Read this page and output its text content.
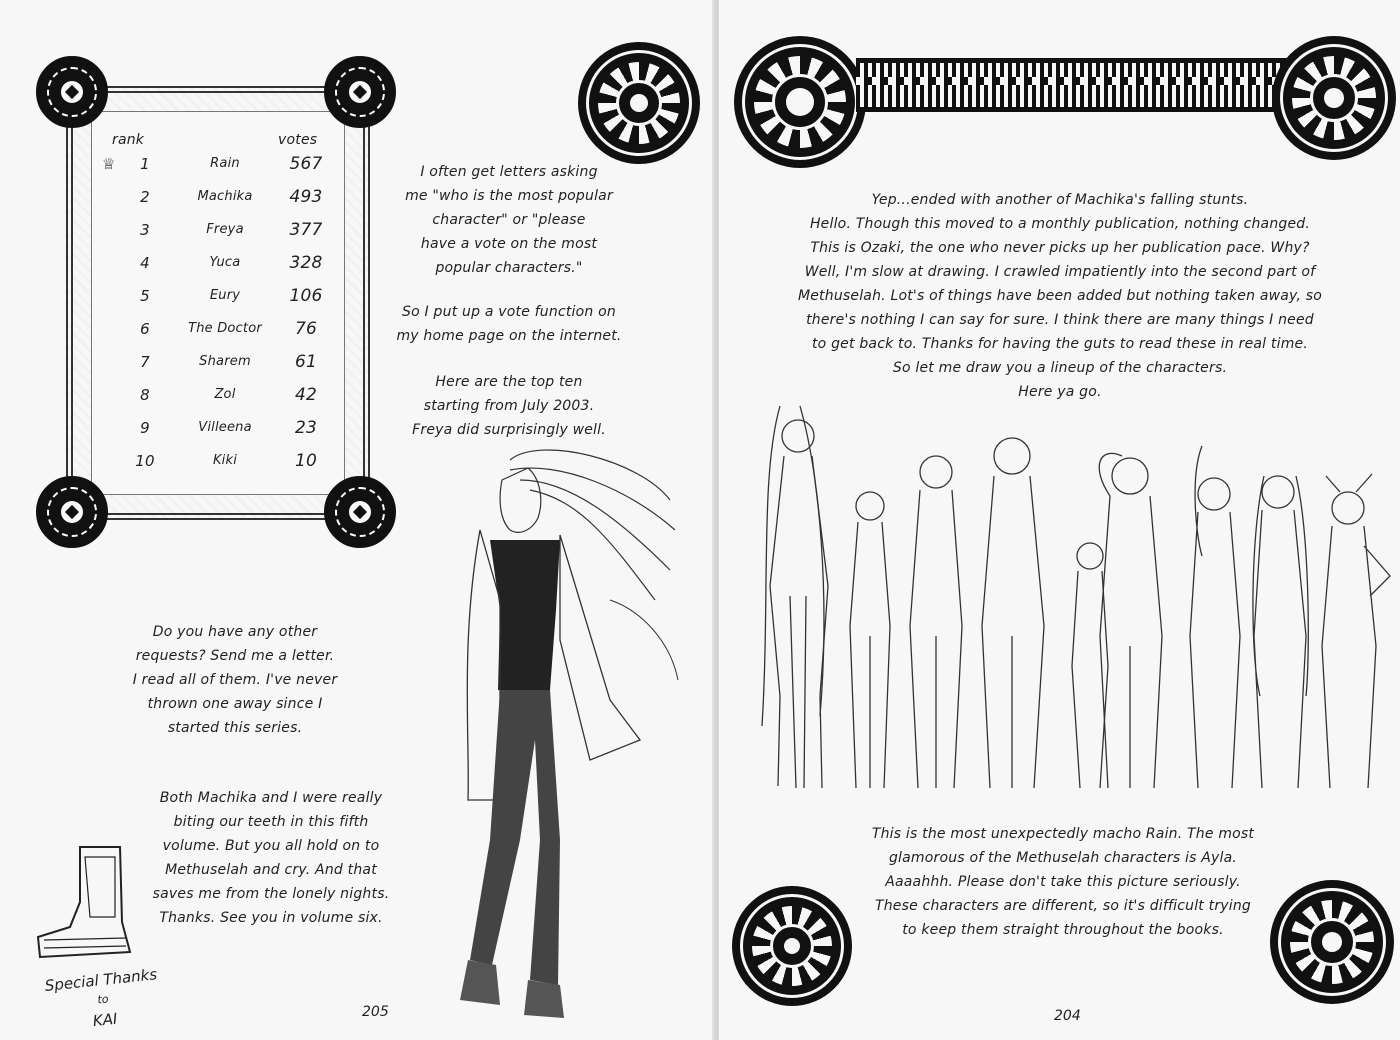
rank	votes
♕	1	Rain	567
2	Machika	493
3	Freya	377
4	Yuca	328
5	Eury	106
6	The Doctor	76
7	Sharem	61
8	Zol	42
9	Villeena	23
10	Kiki	10
I often get letters asking
me "who is the most popular
character" or "please
have a vote on the most
popular characters."
So I put up a vote function on
my home page on the internet.
Here are the top ten
starting from July 2003.
Freya did surprisingly well.
Do you have any other
requests? Send me a letter.
I read all of them. I've never
thrown one away since I
started this series.
Both Machika and I were really
biting our teeth in this fifth
volume. But you all hold on to
Methuselah and cry. And that
saves me from the lonely nights.
Thanks. See you in volume six.
Special Thanks
to
KAI	205
Yep...ended with another of Machika's falling stunts.
Hello. Though this moved to a monthly publication, nothing changed.
This is Ozaki, the one who never picks up her publication pace. Why?
Well, I'm slow at drawing. I crawled impatiently into the second part of
Methuselah. Lot's of things have been added but nothing taken away, so
there's nothing I can say for sure. I think there are many things I need
to get back to. Thanks for having the guts to read these in real time.
So let me draw you a lineup of the characters.
Here ya go.
This is the most unexpectedly macho Rain. The most
glamorous of the Methuselah characters is Ayla.
Aaaahhh. Please don't take this picture seriously.
These characters are different, so it's difficult trying
to keep them straight throughout the books.
204
